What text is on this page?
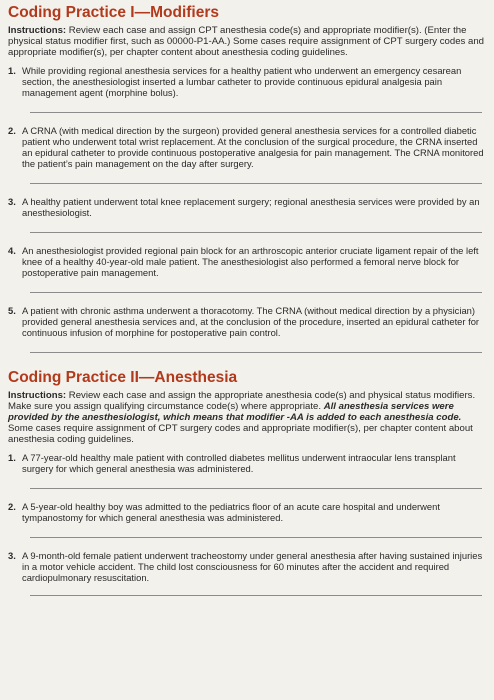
Coding Practice I—Modifiers

Instructions: Review each case and assign CPT anesthesia code(s) and appropriate modifier(s). (Enter the physical status modifier first, such as 00000-P1-AA.) Some cases require assignment of CPT surgery codes and appropriate modifier(s), per chapter content about anesthesia coding guidelines.

1. While providing regional anesthesia services for a healthy patient who underwent an emergency cesarean section, the anesthesiologist inserted a lumbar catheter to provide continuous epidural analgesia pain management agent (morphine bolus).
2. A CRNA (with medical direction by the surgeon) provided general anesthesia services for a controlled diabetic patient who underwent total wrist replacement. At the conclusion of the surgical procedure, the CRNA inserted an epidural catheter to provide continuous postoperative analgesia for pain management. The CRNA monitored the patient’s pain management on the day after surgery.
3. A healthy patient underwent total knee replacement surgery; regional anesthesia services were provided by an anesthesiologist.
4. An anesthesiologist provided regional pain block for an arthroscopic anterior cruciate ligament repair of the left knee of a healthy 40-year-old male patient. The anesthesiologist also performed a femoral nerve block for postoperative pain management.
5. A patient with chronic asthma underwent a thoracotomy. The CRNA (without medical direction by a physician) provided general anesthesia services and, at the conclusion of the procedure, inserted an epidural catheter for continuous infusion of morphine for postoperative pain control.
Coding Practice II—Anesthesia

Instructions: Review each case and assign the appropriate anesthesia code(s) and physical status modifiers. Make sure you assign qualifying circumstance code(s) where appropriate. All anesthesia services were provided by the anesthesiologist, which means that modifier -AA is added to each anesthesia code. Some cases require assignment of CPT surgery codes and appropriate modifier(s), per chapter content about anesthesia coding guidelines.

1. A 77-year-old healthy male patient with controlled diabetes mellitus underwent intraocular lens transplant surgery for which general anesthesia was administered.
2. A 5-year-old healthy boy was admitted to the pediatrics floor of an acute care hospital and underwent tympanostomy for which general anesthesia was administered.
3. A 9-month-old female patient underwent tracheostomy under general anesthesia after having sustained injuries in a motor vehicle accident. The child lost consciousness for 60 minutes after the accident and required cardiopulmonary resuscitation.
